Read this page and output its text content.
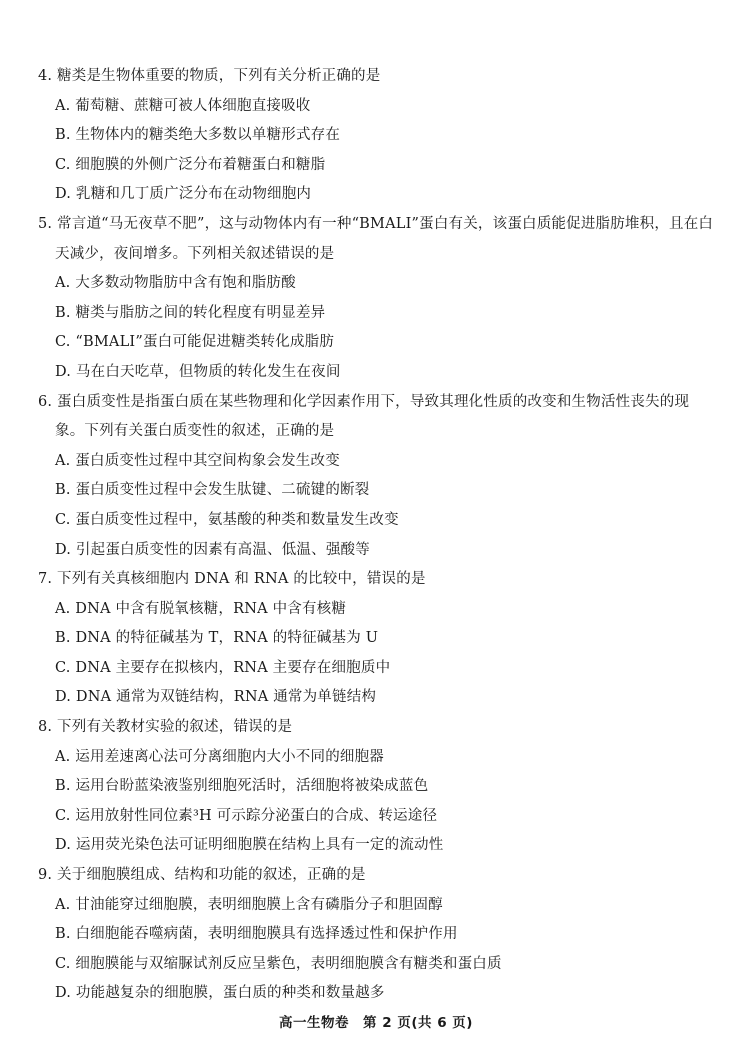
4. 糖类是生物体重要的物质，下列有关分析正确的是

A. 葡萄糖、蔗糖可被人体细胞直接吸收

B. 生物体内的糖类绝大多数以单糖形式存在

C. 细胞膜的外侧广泛分布着糖蛋白和糖脂

D. 乳糖和几丁质广泛分布在动物细胞内

5. 常言道“马无夜草不肥”，这与动物体内有一种“BMALI”蛋白有关，该蛋白质能促进脂肪堆积，且在白

天减少，夜间增多。下列相关叙述错误的是

A. 大多数动物脂肪中含有饱和脂肪酸

B. 糖类与脂肪之间的转化程度有明显差异

C. “BMALI”蛋白可能促进糖类转化成脂肪

D. 马在白天吃草，但物质的转化发生在夜间

6. 蛋白质变性是指蛋白质在某些物理和化学因素作用下，导致其理化性质的改变和生物活性丧失的现

象。下列有关蛋白质变性的叙述，正确的是

A. 蛋白质变性过程中其空间构象会发生改变

B. 蛋白质变性过程中会发生肽键、二硫键的断裂

C. 蛋白质变性过程中，氨基酸的种类和数量发生改变

D. 引起蛋白质变性的因素有高温、低温、强酸等

7. 下列有关真核细胞内 DNA 和 RNA 的比较中，错误的是

A. DNA 中含有脱氧核糖，RNA 中含有核糖

B. DNA 的特征碱基为 T，RNA 的特征碱基为 U

C. DNA 主要存在拟核内，RNA 主要存在细胞质中

D. DNA 通常为双链结构，RNA 通常为单链结构

8. 下列有关教材实验的叙述，错误的是

A. 运用差速离心法可分离细胞内大小不同的细胞器

B. 运用台盼蓝染液鉴别细胞死活时，活细胞将被染成蓝色

C. 运用放射性同位素³H 可示踪分泌蛋白的合成、转运途径

D. 运用荧光染色法可证明细胞膜在结构上具有一定的流动性

9. 关于细胞膜组成、结构和功能的叙述，正确的是

A. 甘油能穿过细胞膜，表明细胞膜上含有磷脂分子和胆固醇

B. 白细胞能吞噬病菌，表明细胞膜具有选择透过性和保护作用

C. 细胞膜能与双缩脲试剂反应呈紫色，表明细胞膜含有糖类和蛋白质

D. 功能越复杂的细胞膜，蛋白质的种类和数量越多

高一生物卷　第 2 页(共 6 页)
